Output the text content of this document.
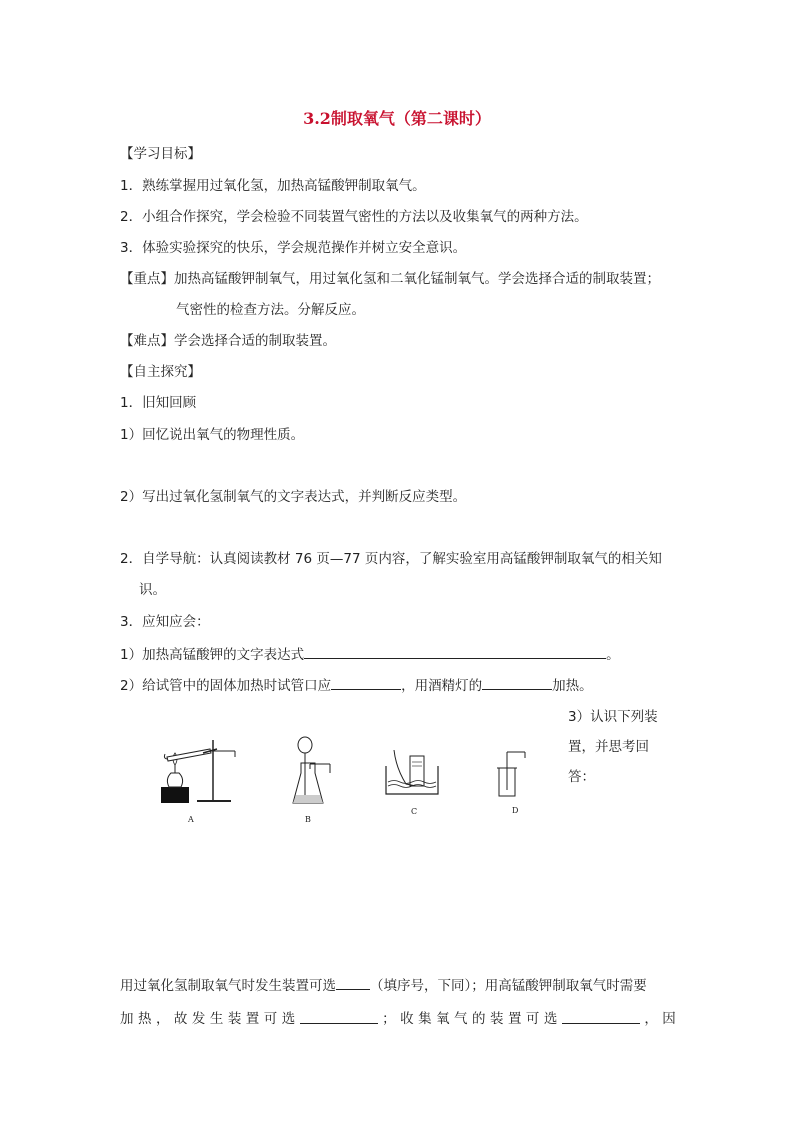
3.2制取氧气（第二课时）
【学习目标】
1．熟练掌握用过氧化氢，加热高锰酸钾制取氧气。
2．小组合作探究，学会检验不同装置气密性的方法以及收集氧气的两种方法。
3．体验实验探究的快乐，学会规范操作并树立安全意识。
【重点】加热高锰酸钾制氧气，用过氧化氢和二氧化锰制氧气。学会选择合适的制取装置；
气密性的检查方法。分解反应。
【难点】学会选择合适的制取装置。
【自主探究】
1．旧知回顾
1）回忆说出氧气的物理性质。
2）写出过氧化氢制氧气的文字表达式，并判断反应类型。
2．自学导航：认真阅读教材 76 页—77 页内容，了解实验室用高锰酸钾制取氧气的相关知
识。
3．应知应会：
1）加热高锰酸钾的文字表达式	。
2）给试管中的固体加热时试管口应	，用酒精灯的	加热。
3）认识下列装
置，并思考回
答：
A	B
C	D
用过氧化氢制取氧气时发生装置可选	（填序号，下同）；用高锰酸钾制取氧气时需要
加 热 ， 故 发 生 装 置 可 选	； 收 集 氧 气 的 装 置 可 选	， 因
